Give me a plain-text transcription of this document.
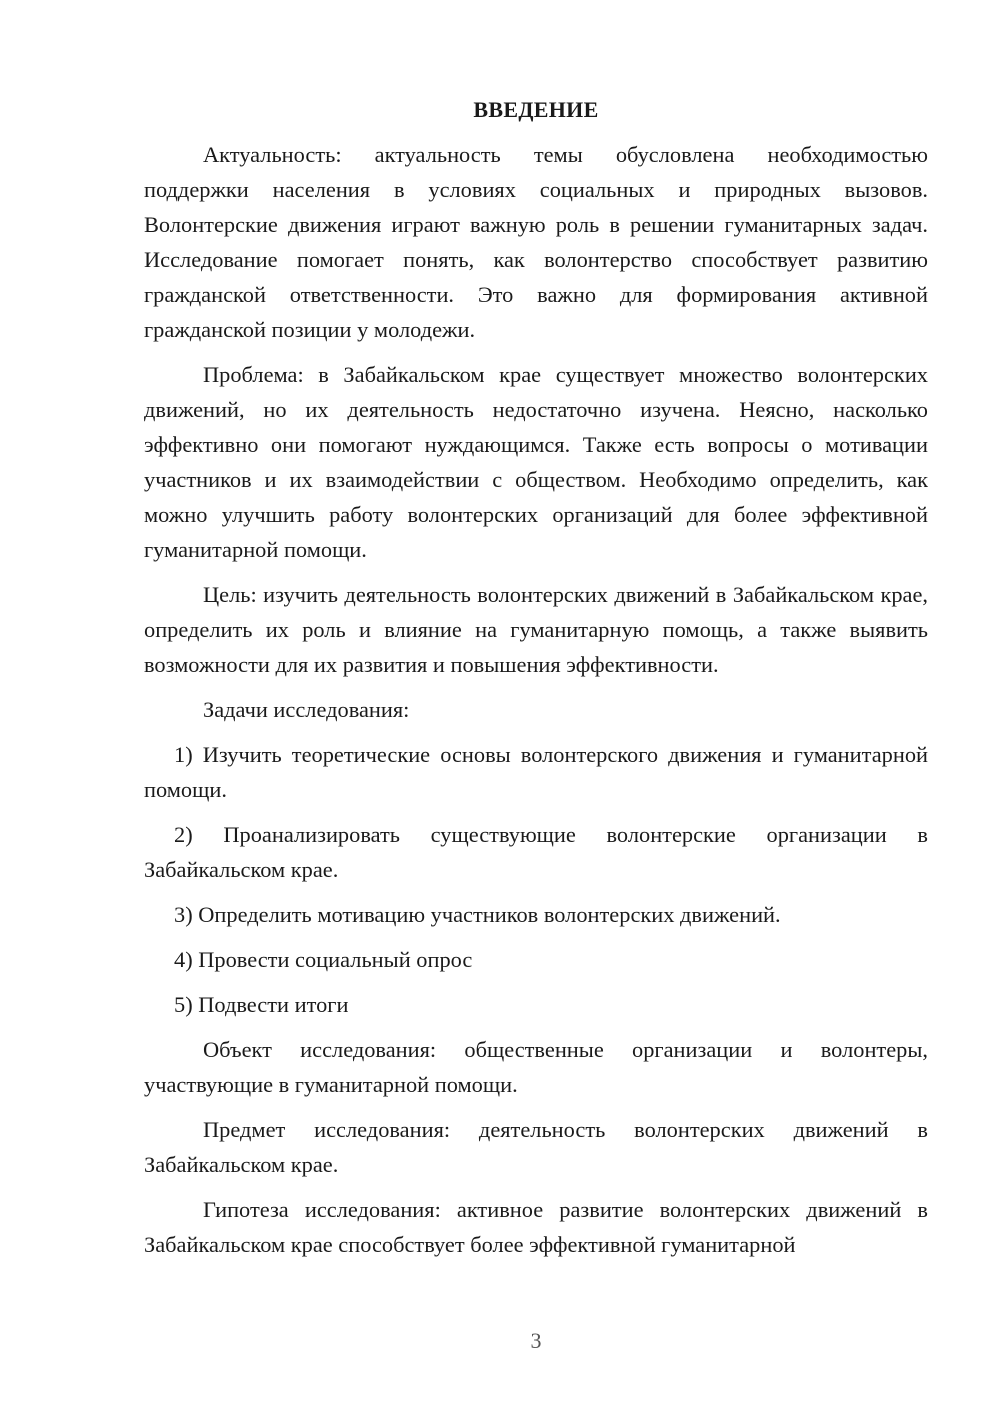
ВВЕДЕНИЕ

Актуальность: актуальность темы обусловлена необходимостью поддержки населения в условиях социальных и природных вызовов. Волонтерские движения играют важную роль в решении гуманитарных задач. Исследование помогает понять, как волонтерство способствует развитию гражданской ответственности. Это важно для формирования активной гражданской позиции у молодежи.

Проблема: в Забайкальском крае существует множество волонтерских движений, но их деятельность недостаточно изучена. Неясно, насколько эффективно они помогают нуждающимся. Также есть вопросы о мотивации участников и их взаимодействии с обществом. Необходимо определить, как можно улучшить работу волонтерских организаций для более эффективной гуманитарной помощи.

Цель: изучить деятельность волонтерских движений в Забайкальском крае, определить их роль и влияние на гуманитарную помощь, а также выявить возможности для их развития и повышения эффективности.

Задачи исследования:

1) Изучить теоретические основы волонтерского движения и гуманитарной помощи.

2) Проанализировать существующие волонтерские организации в Забайкальском крае.

3) Определить мотивацию участников волонтерских движений.

4) Провести социальный опрос

5) Подвести итоги

Объект исследования: общественные организации и волонтеры, участвующие в гуманитарной помощи.

Предмет исследования: деятельность волонтерских движений в Забайкальском крае.

Гипотеза исследования: активное развитие волонтерских движений в Забайкальском крае способствует более эффективной гуманитарной

3
